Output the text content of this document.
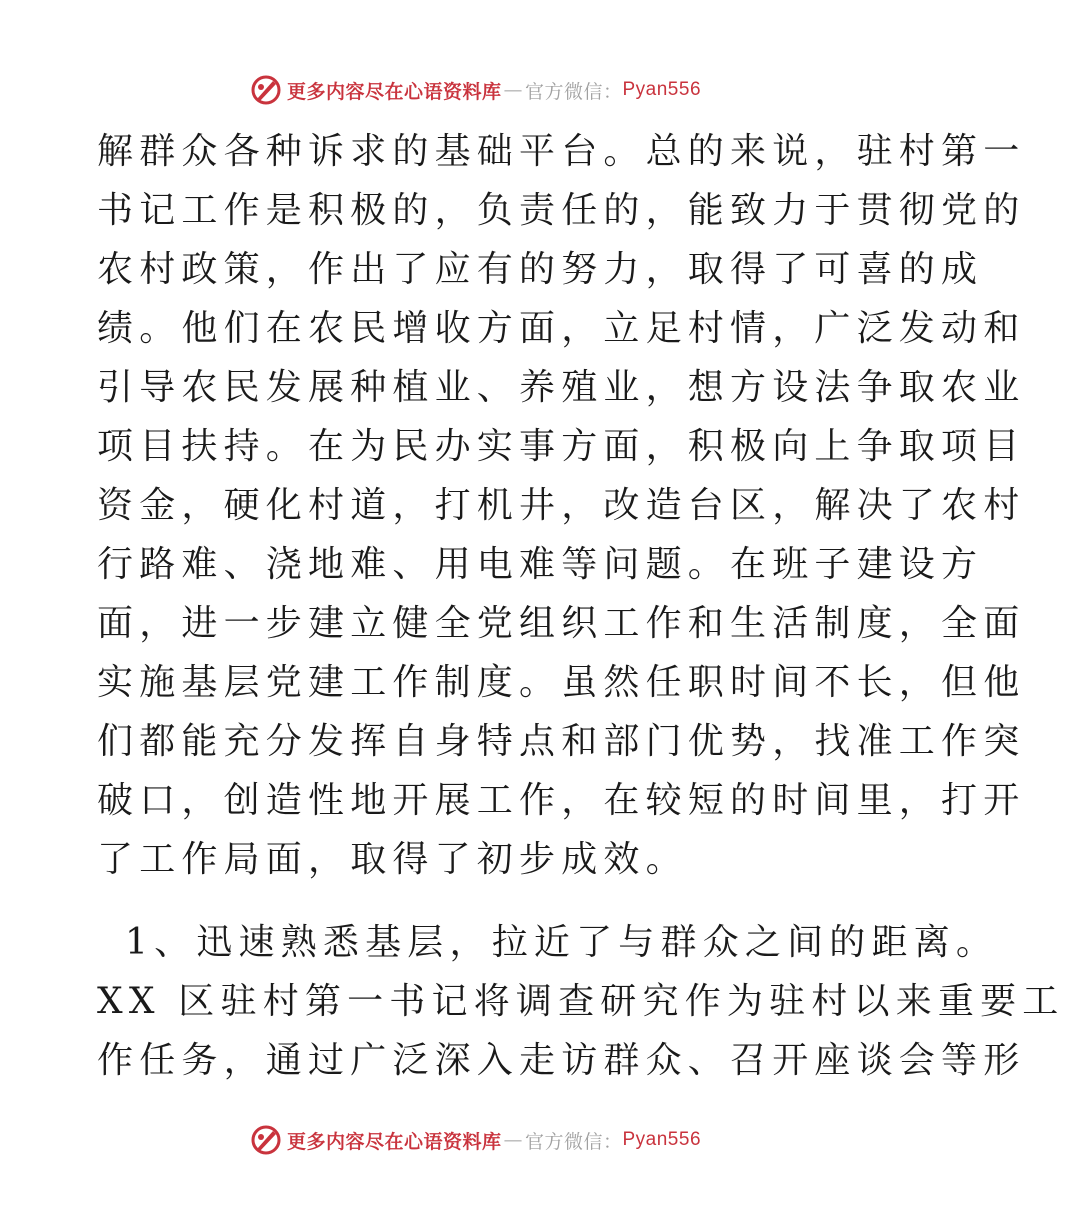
更多内容尽在心语资料库 — 官方微信： Pyan556
解群众各种诉求的基础平台。总的来说，驻村第一
书记工作是积极的，负责任的，能致力于贯彻党的
农村政策，作出了应有的努力，取得了可喜的成
绩。他们在农民增收方面，立足村情，广泛发动和
引导农民发展种植业、养殖业，想方设法争取农业
项目扶持。在为民办实事方面，积极向上争取项目
资金，硬化村道，打机井，改造台区，解决了农村
行路难、浇地难、用电难等问题。在班子建设方
面，进一步建立健全党组织工作和生活制度，全面
实施基层党建工作制度。虽然任职时间不长，但他
们都能充分发挥自身特点和部门优势，找准工作突
破口，创造性地开展工作，在较短的时间里，打开
了工作局面，取得了初步成效。
1、迅速熟悉基层，拉近了与群众之间的距离。
XX 区驻村第一书记将调查研究作为驻村以来重要工
作任务，通过广泛深入走访群众、召开座谈会等形
更多内容尽在心语资料库 — 官方微信： Pyan556
